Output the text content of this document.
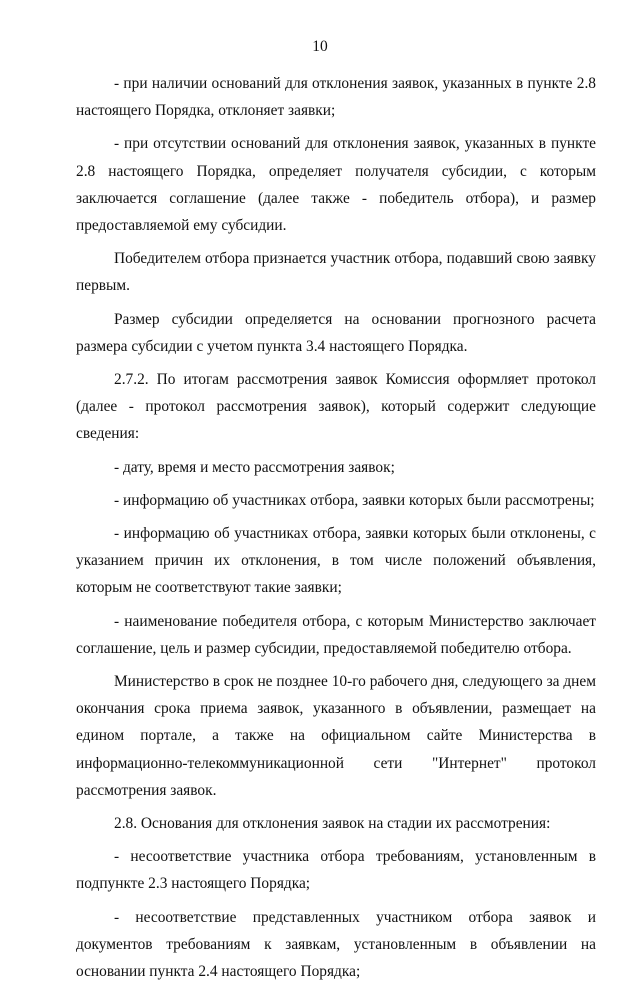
10

- при наличии оснований для отклонения заявок, указанных в пункте 2.8 настоящего Порядка, отклоняет заявки;

- при отсутствии оснований для отклонения заявок, указанных в пункте 2.8 настоящего Порядка, определяет получателя субсидии, с которым заключается соглашение (далее также - победитель отбора), и размер предоставляемой ему субсидии.

Победителем отбора признается участник отбора, подавший свою заявку первым.

Размер субсидии определяется на основании прогнозного расчета размера субсидии с учетом пункта 3.4 настоящего Порядка.

2.7.2. По итогам рассмотрения заявок Комиссия оформляет протокол (далее - протокол рассмотрения заявок), который содержит следующие сведения:

- дату, время и место рассмотрения заявок;

- информацию об участниках отбора, заявки которых были рассмотрены;

- информацию об участниках отбора, заявки которых были отклонены, с указанием причин их отклонения, в том числе положений объявления, которым не соответствуют такие заявки;

- наименование победителя отбора, с которым Министерство заключает соглашение, цель и размер субсидии, предоставляемой победителю отбора.

Министерство в срок не позднее 10-го рабочего дня, следующего за днем окончания срока приема заявок, указанного в объявлении, размещает на едином портале, а также на официальном сайте Министерства в информационно-телекоммуникационной сети "Интернет" протокол рассмотрения заявок.

2.8. Основания для отклонения заявок на стадии их рассмотрения:

- несоответствие участника отбора требованиям, установленным в подпункте 2.3 настоящего Порядка;

- несоответствие представленных участником отбора заявок и документов требованиям к заявкам, установленным в объявлении на основании пункта 2.4 настоящего Порядка;
